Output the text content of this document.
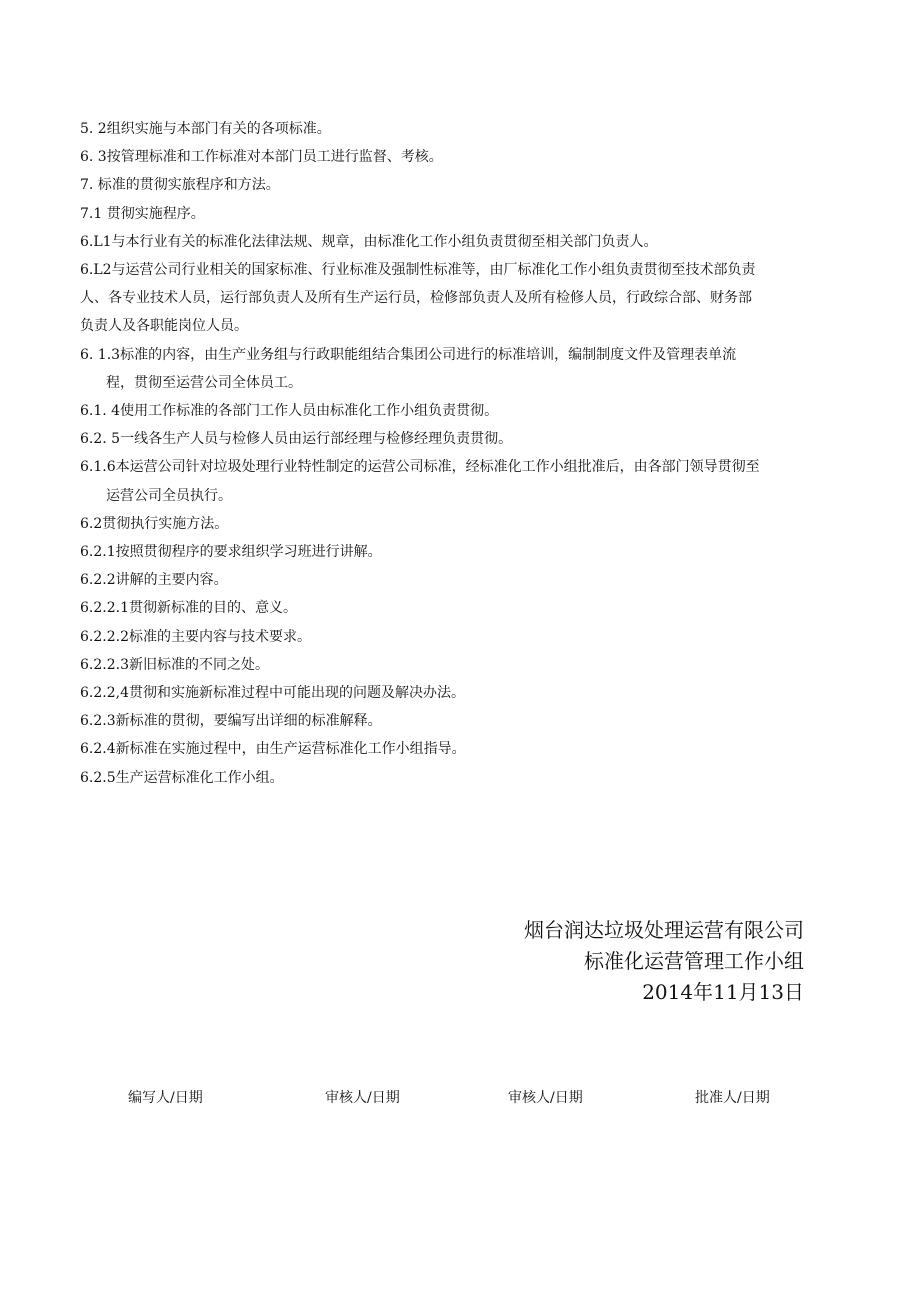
5. 2组织实施与本部门有关的各项标准。
6. 3按管理标准和工作标准对本部门员工进行监督、考核。
7. 标准的贯彻实旅程序和方法。
7.1 贯彻实施程序。
6.L1与本行业有关的标准化法律法规、规章，由标准化工作小组负责贯彻至相关部门负责人。
6.L2与运营公司行业相关的国家标准、行业标准及强制性标准等，由厂标准化工作小组负责贯彻至技术部负责
人、各专业技术人员，运行部负责人及所有生产运行员，检修部负责人及所有检修人员，行政综合部、财务部
负责人及各职能岗位人员。
6. 1.3标准的内容，由生产业务组与行政职能组结合集团公司进行的标准培训，编制制度文件及管理表单流
程，贯彻至运营公司全体员工。
6.1. 4使用工作标准的各部门工作人员由标准化工作小组负责贯彻。
6.2. 5一线各生产人员与检修人员由运行部经理与检修经理负责贯彻。
6.1.6本运营公司针对垃圾处理行业特性制定的运营公司标准，经标准化工作小组批准后，由各部门领导贯彻至
运营公司全员执行。
6.2贯彻执行实施方法。
6.2.1按照贯彻程序的要求组织学习班进行讲解。
6.2.2讲解的主要内容。
6.2.2.1贯彻新标准的目的、意义。
6.2.2.2标准的主要内容与技术要求。
6.2.2.3新旧标准的不同之处。
6.2.2,4贯彻和实施新标准过程中可能出现的问题及解决办法。
6.2.3新标准的贯彻，要编写出详细的标准解释。
6.2.4新标准在实施过程中，由生产运营标准化工作小组指导。
6.2.5生产运营标准化工作小组。
烟台润达垃圾处理运营有限公司
标准化运营管理工作小组
2014年11月13日
编写人/日期	审核人/日期	审核人/日期	批准人/日期
